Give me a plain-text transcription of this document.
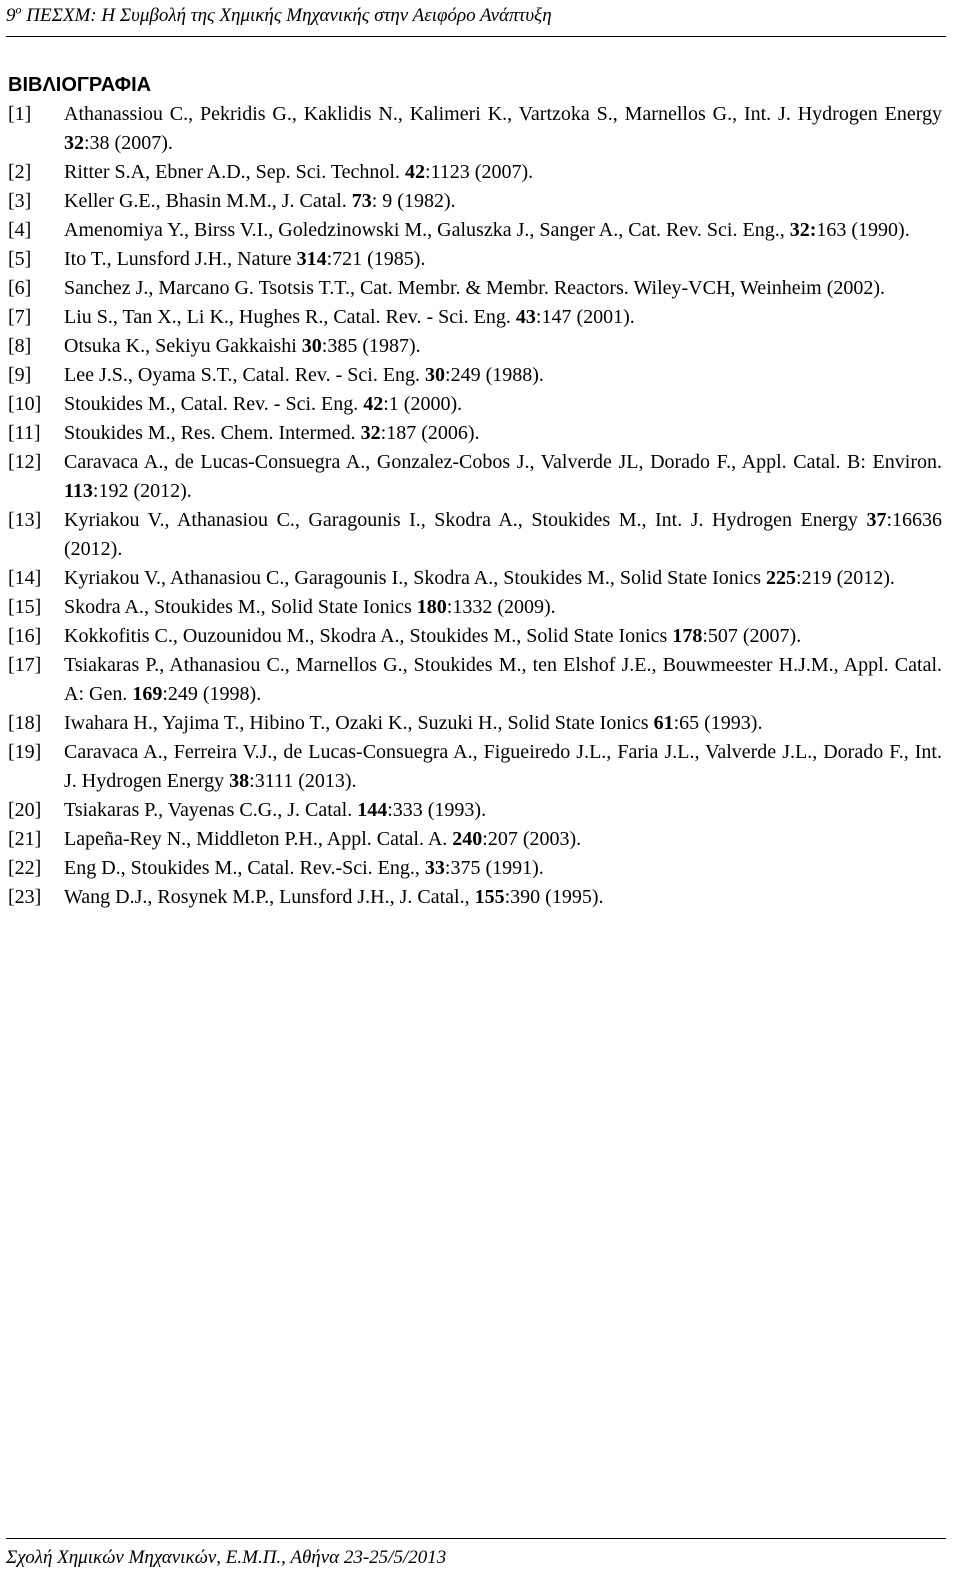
$9^o$ ΠΕΣΧΜ: Η Συμβολή της Χημικής Μηχανικής στην Αειφόρο Ανάπτυξη
ΒΙΒΛΙΟΓΡΑΦΙΑ
[1] Athanassiou C., Pekridis G., Kaklidis N., Kalimeri K., Vartzoka S., Marnellos G., Int. J. Hydrogen Energy 32:38 (2007).
[2] Ritter S.A, Ebner A.D., Sep. Sci. Technol. 42:1123 (2007).
[3] Keller G.E., Bhasin M.M., J. Catal. 73: 9 (1982).
[4] Amenomiya Y., Birss V.I., Goledzinowski M., Galuszka J., Sanger A., Cat. Rev. Sci. Eng., 32:163 (1990).
[5] Ito T., Lunsford J.H., Nature 314:721 (1985).
[6] Sanchez J., Marcano G. Tsotsis T.T., Cat. Membr. & Membr. Reactors. Wiley-VCH, Weinheim (2002).
[7] Liu S., Tan X., Li K., Hughes R., Catal. Rev. - Sci. Eng. 43:147 (2001).
[8] Otsuka K., Sekiyu Gakkaishi 30:385 (1987).
[9] Lee J.S., Oyama S.T., Catal. Rev. - Sci. Eng. 30:249 (1988).
[10] Stoukides M., Catal. Rev. - Sci. Eng. 42:1 (2000).
[11] Stoukides M., Res. Chem. Intermed. 32:187 (2006).
[12] Caravaca A., de Lucas-Consuegra A., Gonzalez-Cobos J., Valverde JL, Dorado F., Appl. Catal. B: Environ. 113:192 (2012).
[13] Kyriakou V., Athanasiou C., Garagounis I., Skodra A., Stoukides M., Int. J. Hydrogen Energy 37:16636 (2012).
[14] Kyriakou V., Athanasiou C., Garagounis I., Skodra A., Stoukides M., Solid State Ionics 225:219 (2012).
[15] Skodra A., Stoukides M., Solid State Ionics 180:1332 (2009).
[16] Kokkofitis C., Ouzounidou M., Skodra A., Stoukides M., Solid State Ionics 178:507 (2007).
[17] Tsiakaras P., Athanasiou C., Marnellos G., Stoukides M., ten Elshof J.E., Bouwmeester H.J.M., Appl. Catal. A: Gen. 169:249 (1998).
[18] Iwahara H., Yajima T., Hibino T., Ozaki K., Suzuki H., Solid State Ionics 61:65 (1993).
[19] Caravaca A., Ferreira V.J., de Lucas-Consuegra A., Figueiredo J.L., Faria J.L., Valverde J.L., Dorado F., Int. J. Hydrogen Energy 38:3111 (2013).
[20] Tsiakaras P., Vayenas C.G., J. Catal. 144:333 (1993).
[21] Lapeña-Rey N., Middleton P.H., Appl. Catal. A. 240:207 (2003).
[22] Eng D., Stoukides M., Catal. Rev.-Sci. Eng., 33:375 (1991).
[23] Wang D.J., Rosynek M.P., Lunsford J.H., J. Catal., 155:390 (1995).
Σχολή Χημικών Μηχανικών, Ε.Μ.Π., Αθήνα 23-25/5/2013
